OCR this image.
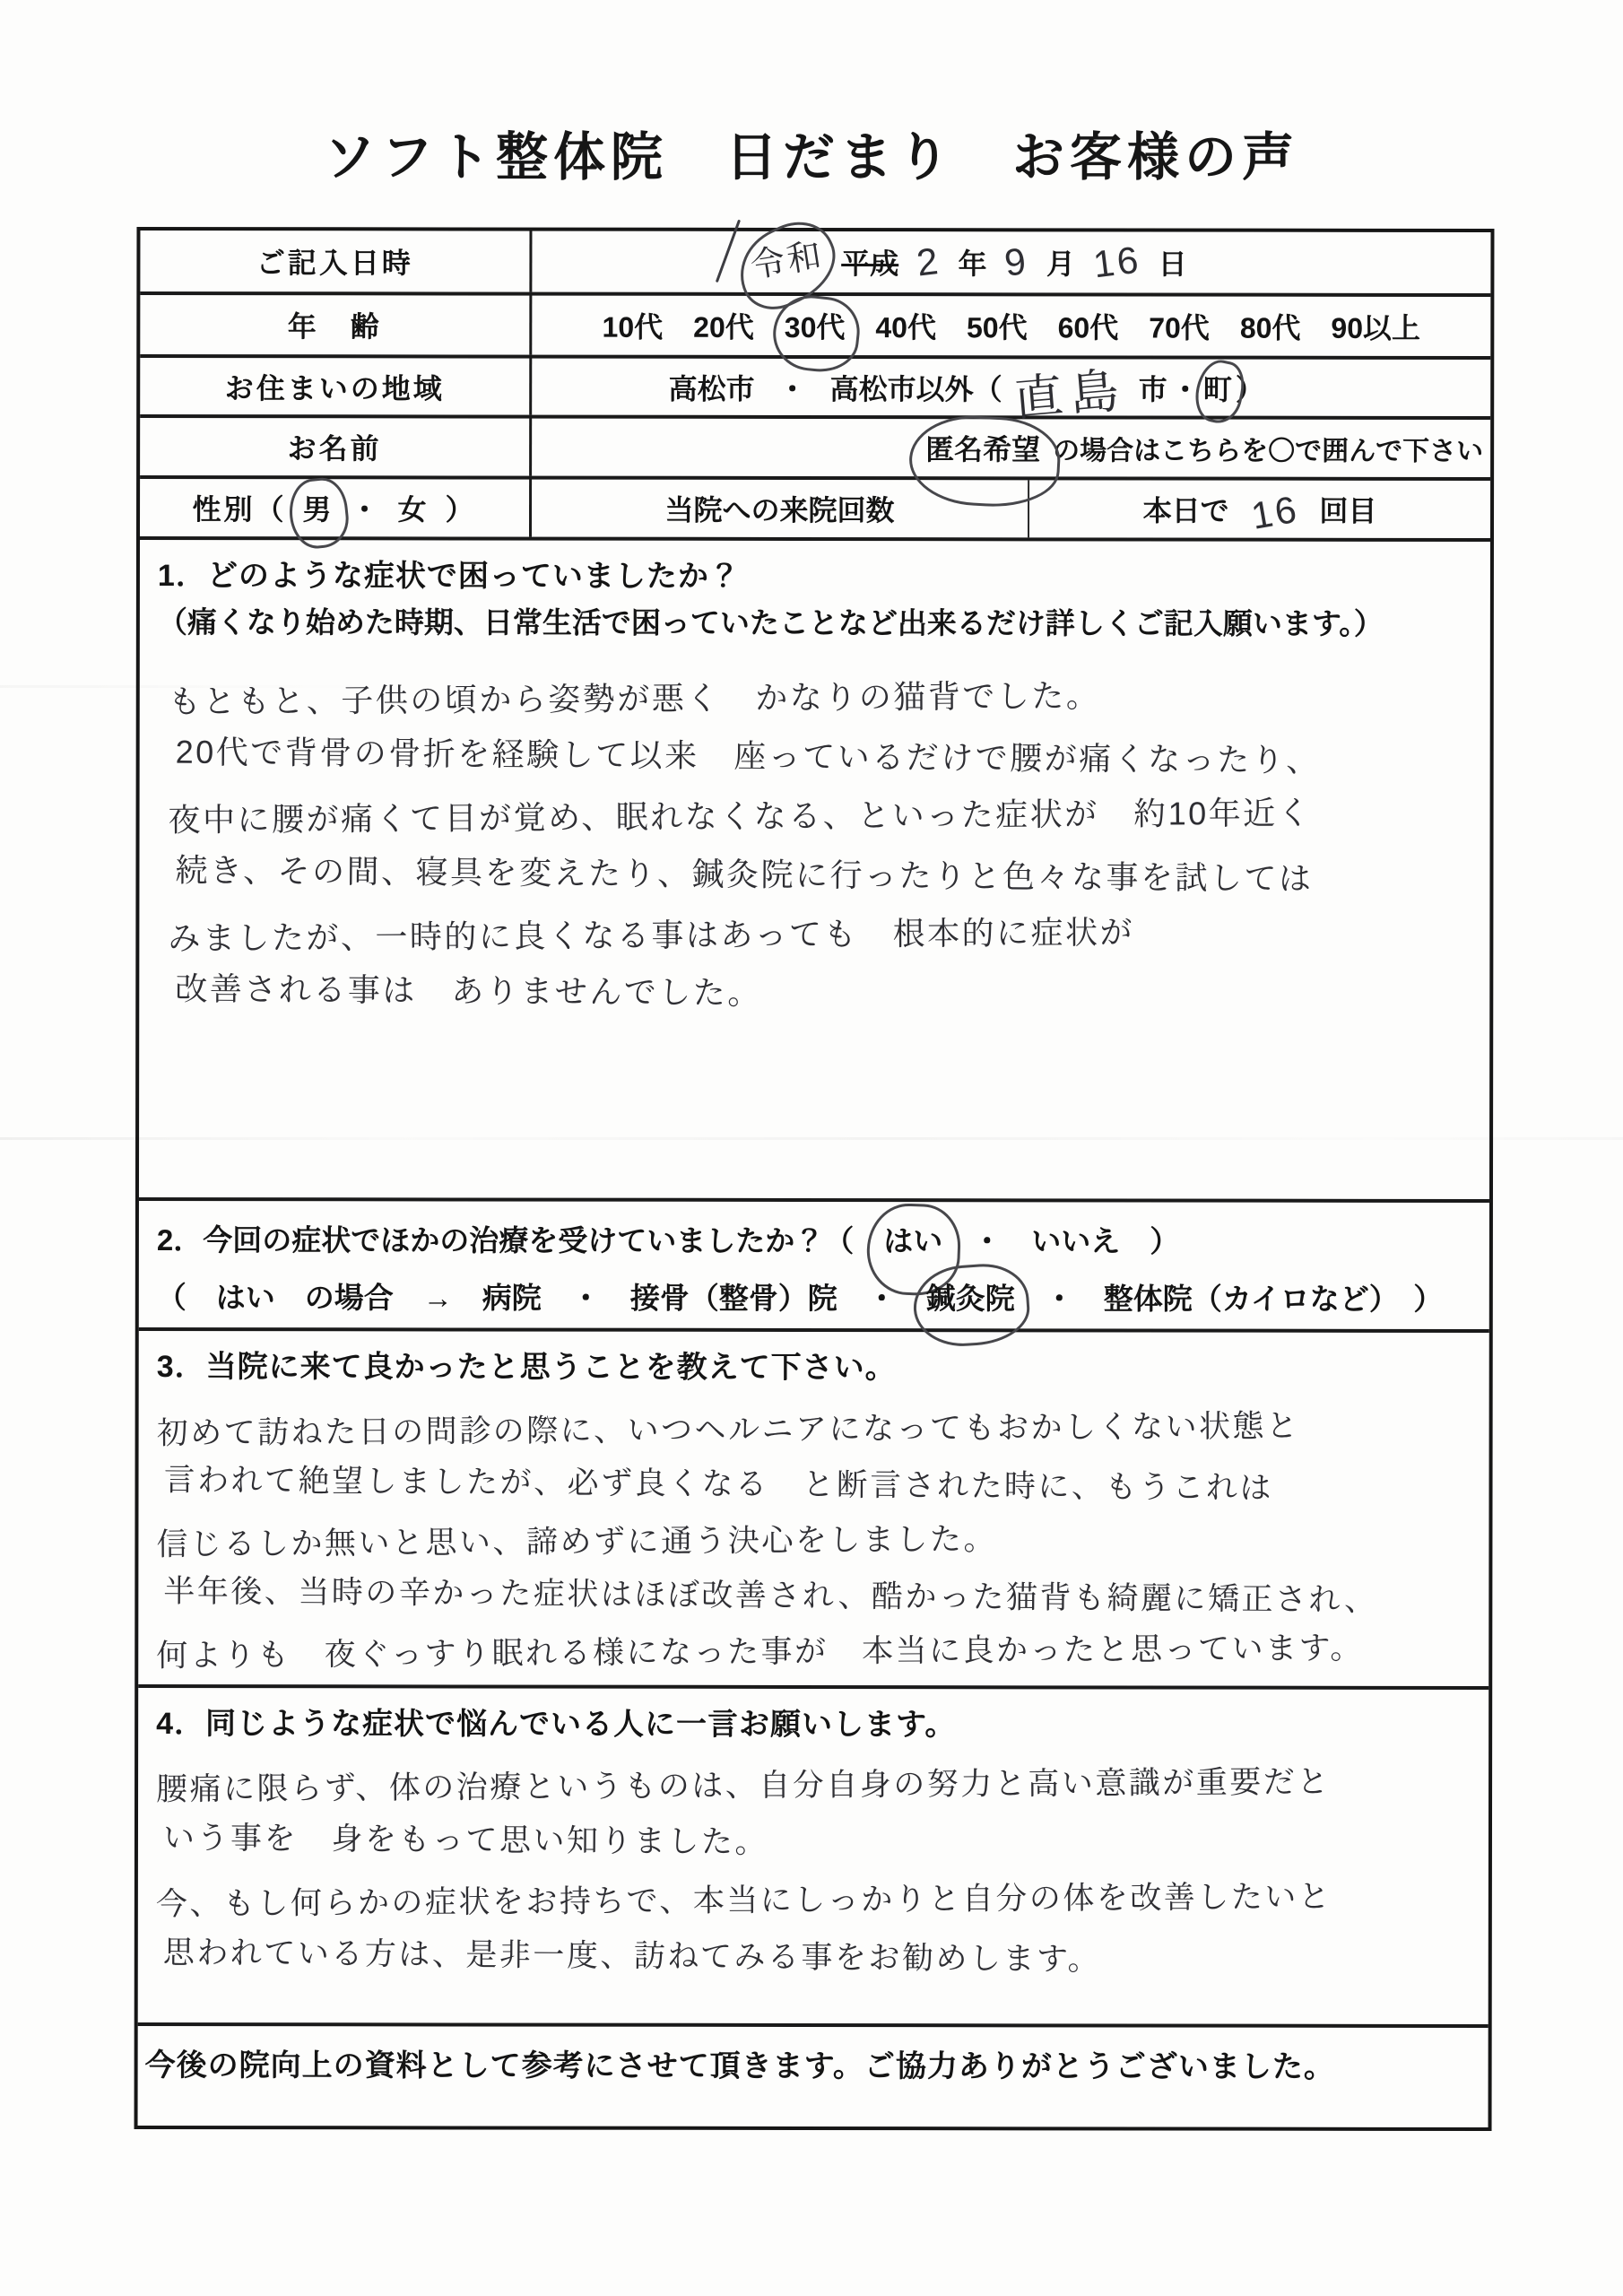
ソフト整体院　日だまり　お客様の声
ご記入日時	令和 平成 2 年 9 月 16 日
年　齢	10代 20代 30代 40代 50代 60代 70代 80代 90以上
お住まいの地域	高松市 ・ 高松市以外（ 直島 市 ・ 町 ）
お名前	匿名希望 の場合はこちらを〇で囲んで下さい
性別（ 男 ・ 女 ）	当院への来院回数	本日で 16 回目
1．どのような症状で困っていましたか？
（痛くなり始めた時期、日常生活で困っていたことなど出来るだけ詳しくご記入願います。）
もともと、子供の頃から姿勢が悪く　かなりの猫背でした。
20代で背骨の骨折を経験して以来　座っているだけで腰が痛くなったり、
夜中に腰が痛くて目が覚め、眠れなくなる、といった症状が　約10年近く
続き、その間、寝具を変えたり、鍼灸院に行ったりと色々な事を試しては
みましたが、一時的に良くなる事はあっても　根本的に症状が
改善される事は　ありませんでした。
2．今回の症状でほかの治療を受けていましたか？（　 はい 　・　 いいえ 　）
（　はい　の場合　→　病院　・　接骨（整骨）院　・　 鍼灸院 　・　整体院（カイロなど）　）
3．当院に来て良かったと思うことを教えて下さい。
初めて訪ねた日の問診の際に、いつヘルニアになってもおかしくない状態と
言われて絶望しましたが、必ず良くなる　と断言された時に、もうこれは
信じるしか無いと思い、諦めずに通う決心をしました。
半年後、当時の辛かった症状はほぼ改善され、酷かった猫背も綺麗に矯正され、
何よりも　夜ぐっすり眠れる様になった事が　本当に良かったと思っています。
4．同じような症状で悩んでいる人に一言お願いします。
腰痛に限らず、体の治療というものは、自分自身の努力と高い意識が重要だと
いう事を　身をもって思い知りました。
今、もし何らかの症状をお持ちで、本当にしっかりと自分の体を改善したいと
思われている方は、是非一度、訪ねてみる事をお勧めします。
今後の院向上の資料として参考にさせて頂きます。ご協力ありがとうございました。
